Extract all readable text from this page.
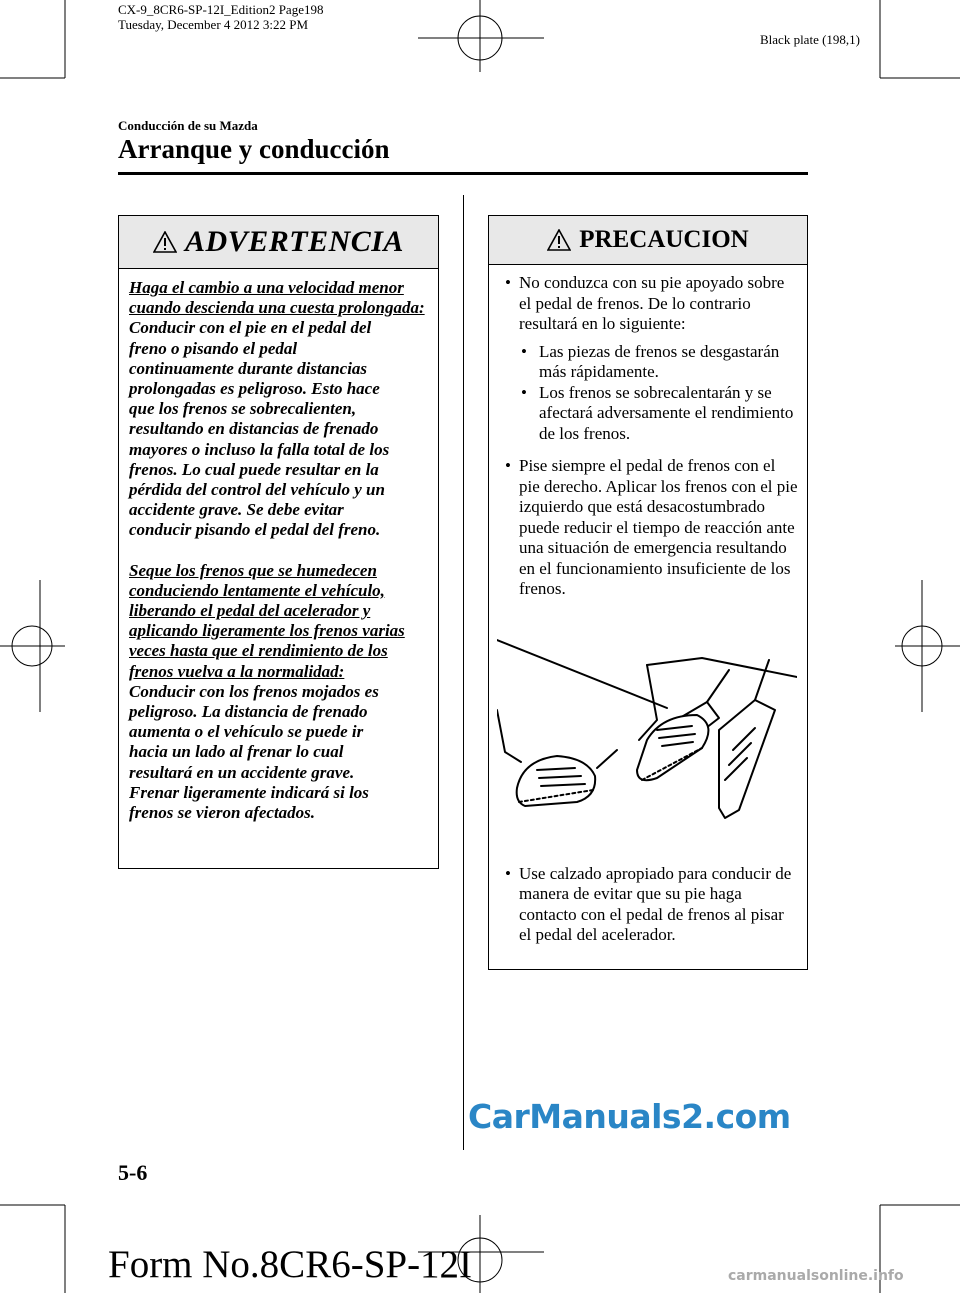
CX-9_8CR6-SP-12I_Edition2 Page198
Tuesday, December 4 2012 3:22 PM
Black plate (198,1)
Conducción de su Mazda
Arranque y conducción
ADVERTENCIA

Haga el cambio a una velocidad menor cuando descienda una cuesta prolongada:

Conducir con el pie en el pedal del

freno o pisando el pedal

continuamente durante distancias

prolongadas es peligroso. Esto hace

que los frenos se sobrecalienten,

resultando en distancias de frenado

mayores o incluso la falla total de los

frenos. Lo cual puede resultar en la

pérdida del control del vehículo y un

accidente grave. Se debe evitar

conducir pisando el pedal del freno.

Seque los frenos que se humedecen conduciendo lentamente el vehículo, liberando el pedal del acelerador y aplicando ligeramente los frenos varias veces hasta que el rendimiento de los frenos vuelva a la normalidad:

Conducir con los frenos mojados es

peligroso. La distancia de frenado

aumenta o el vehículo se puede ir

hacia un lado al frenar lo cual

resultará en un accidente grave.

Frenar ligeramente indicará si los

frenos se vieron afectados.

PRECAUCION
• No conduzca con su pie apoyado sobre el pedal de frenos. De lo contrario resultará en lo siguiente:
• Las piezas de frenos se desgastarán más rápidamente.
• Los frenos se sobrecalentarán y se afectará adversamente el rendimiento de los frenos.
• Pise siempre el pedal de frenos con el pie derecho. Aplicar los frenos con el pie izquierdo que está desacostumbrado puede reducir el tiempo de reacción ante una situación de emergencia resultando en el funcionamiento insuficiente de los frenos.
• Use calzado apropiado para conducir de manera de evitar que su pie haga contacto con el pedal de frenos al pisar el pedal del acelerador.
CarManuals2.com
5-6
Form No.8CR6-SP-12I	carmanualsonline.info
